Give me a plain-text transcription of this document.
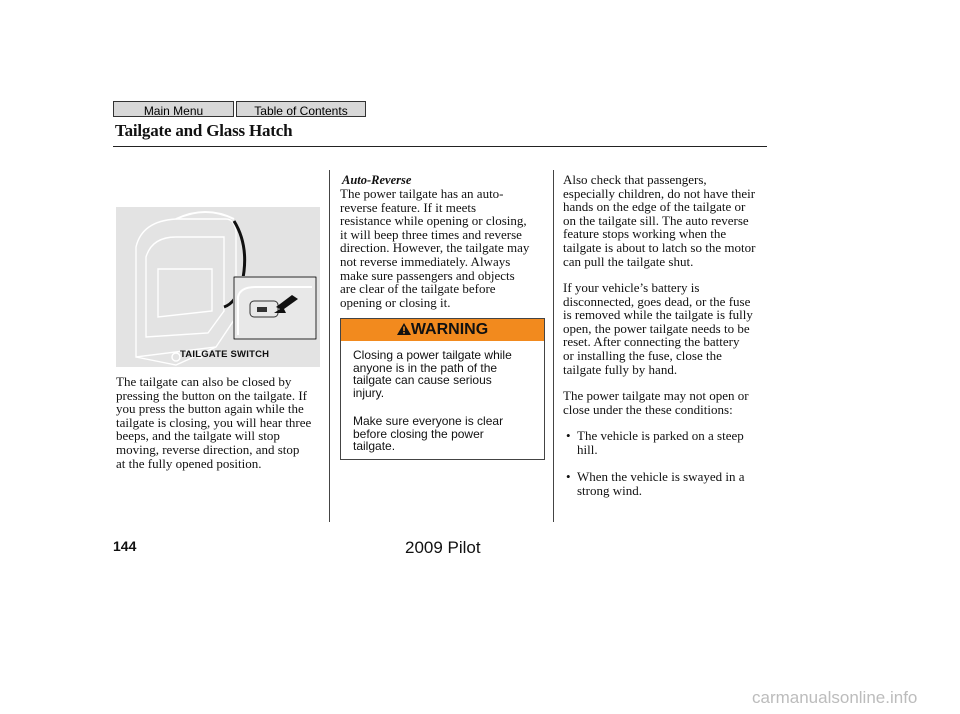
Main Menu	Table of Contents
Tailgate and Glass Hatch
TAILGATE SWITCH

The tailgate can also be closed by
pressing the button on the tailgate. If
you press the button again while the
tailgate is closing, you will hear three
beeps, and the tailgate will stop
moving, reverse direction, and stop
at the fully opened position.

Auto-Reverse

The power tailgate has an auto-
reverse feature. If it meets
resistance while opening or closing,
it will beep three times and reverse
direction. However, the tailgate may
not reverse immediately. Always
make sure passengers and objects
are clear of the tailgate before
opening or closing it.

WARNING

Closing a power tailgate while
anyone is in the path of the
tailgate can cause serious
injury.

Make sure everyone is clear
before closing the power
tailgate.

Also check that passengers,
especially children, do not have their
hands on the edge of the tailgate or
on the tailgate sill. The auto reverse
feature stops working when the
tailgate is about to latch so the motor
can pull the tailgate shut.

If your vehicle’s battery is
disconnected, goes dead, or the fuse
is removed while the tailgate is fully
open, the power tailgate needs to be
reset. After connecting the battery
or installing the fuse, close the
tailgate fully by hand.

The power tailgate may not open or
close under the these conditions:

• The vehicle is parked on a steep
hill.
• When the vehicle is swayed in a
strong wind.
144	2009 Pilot
carmanualsonline.info
